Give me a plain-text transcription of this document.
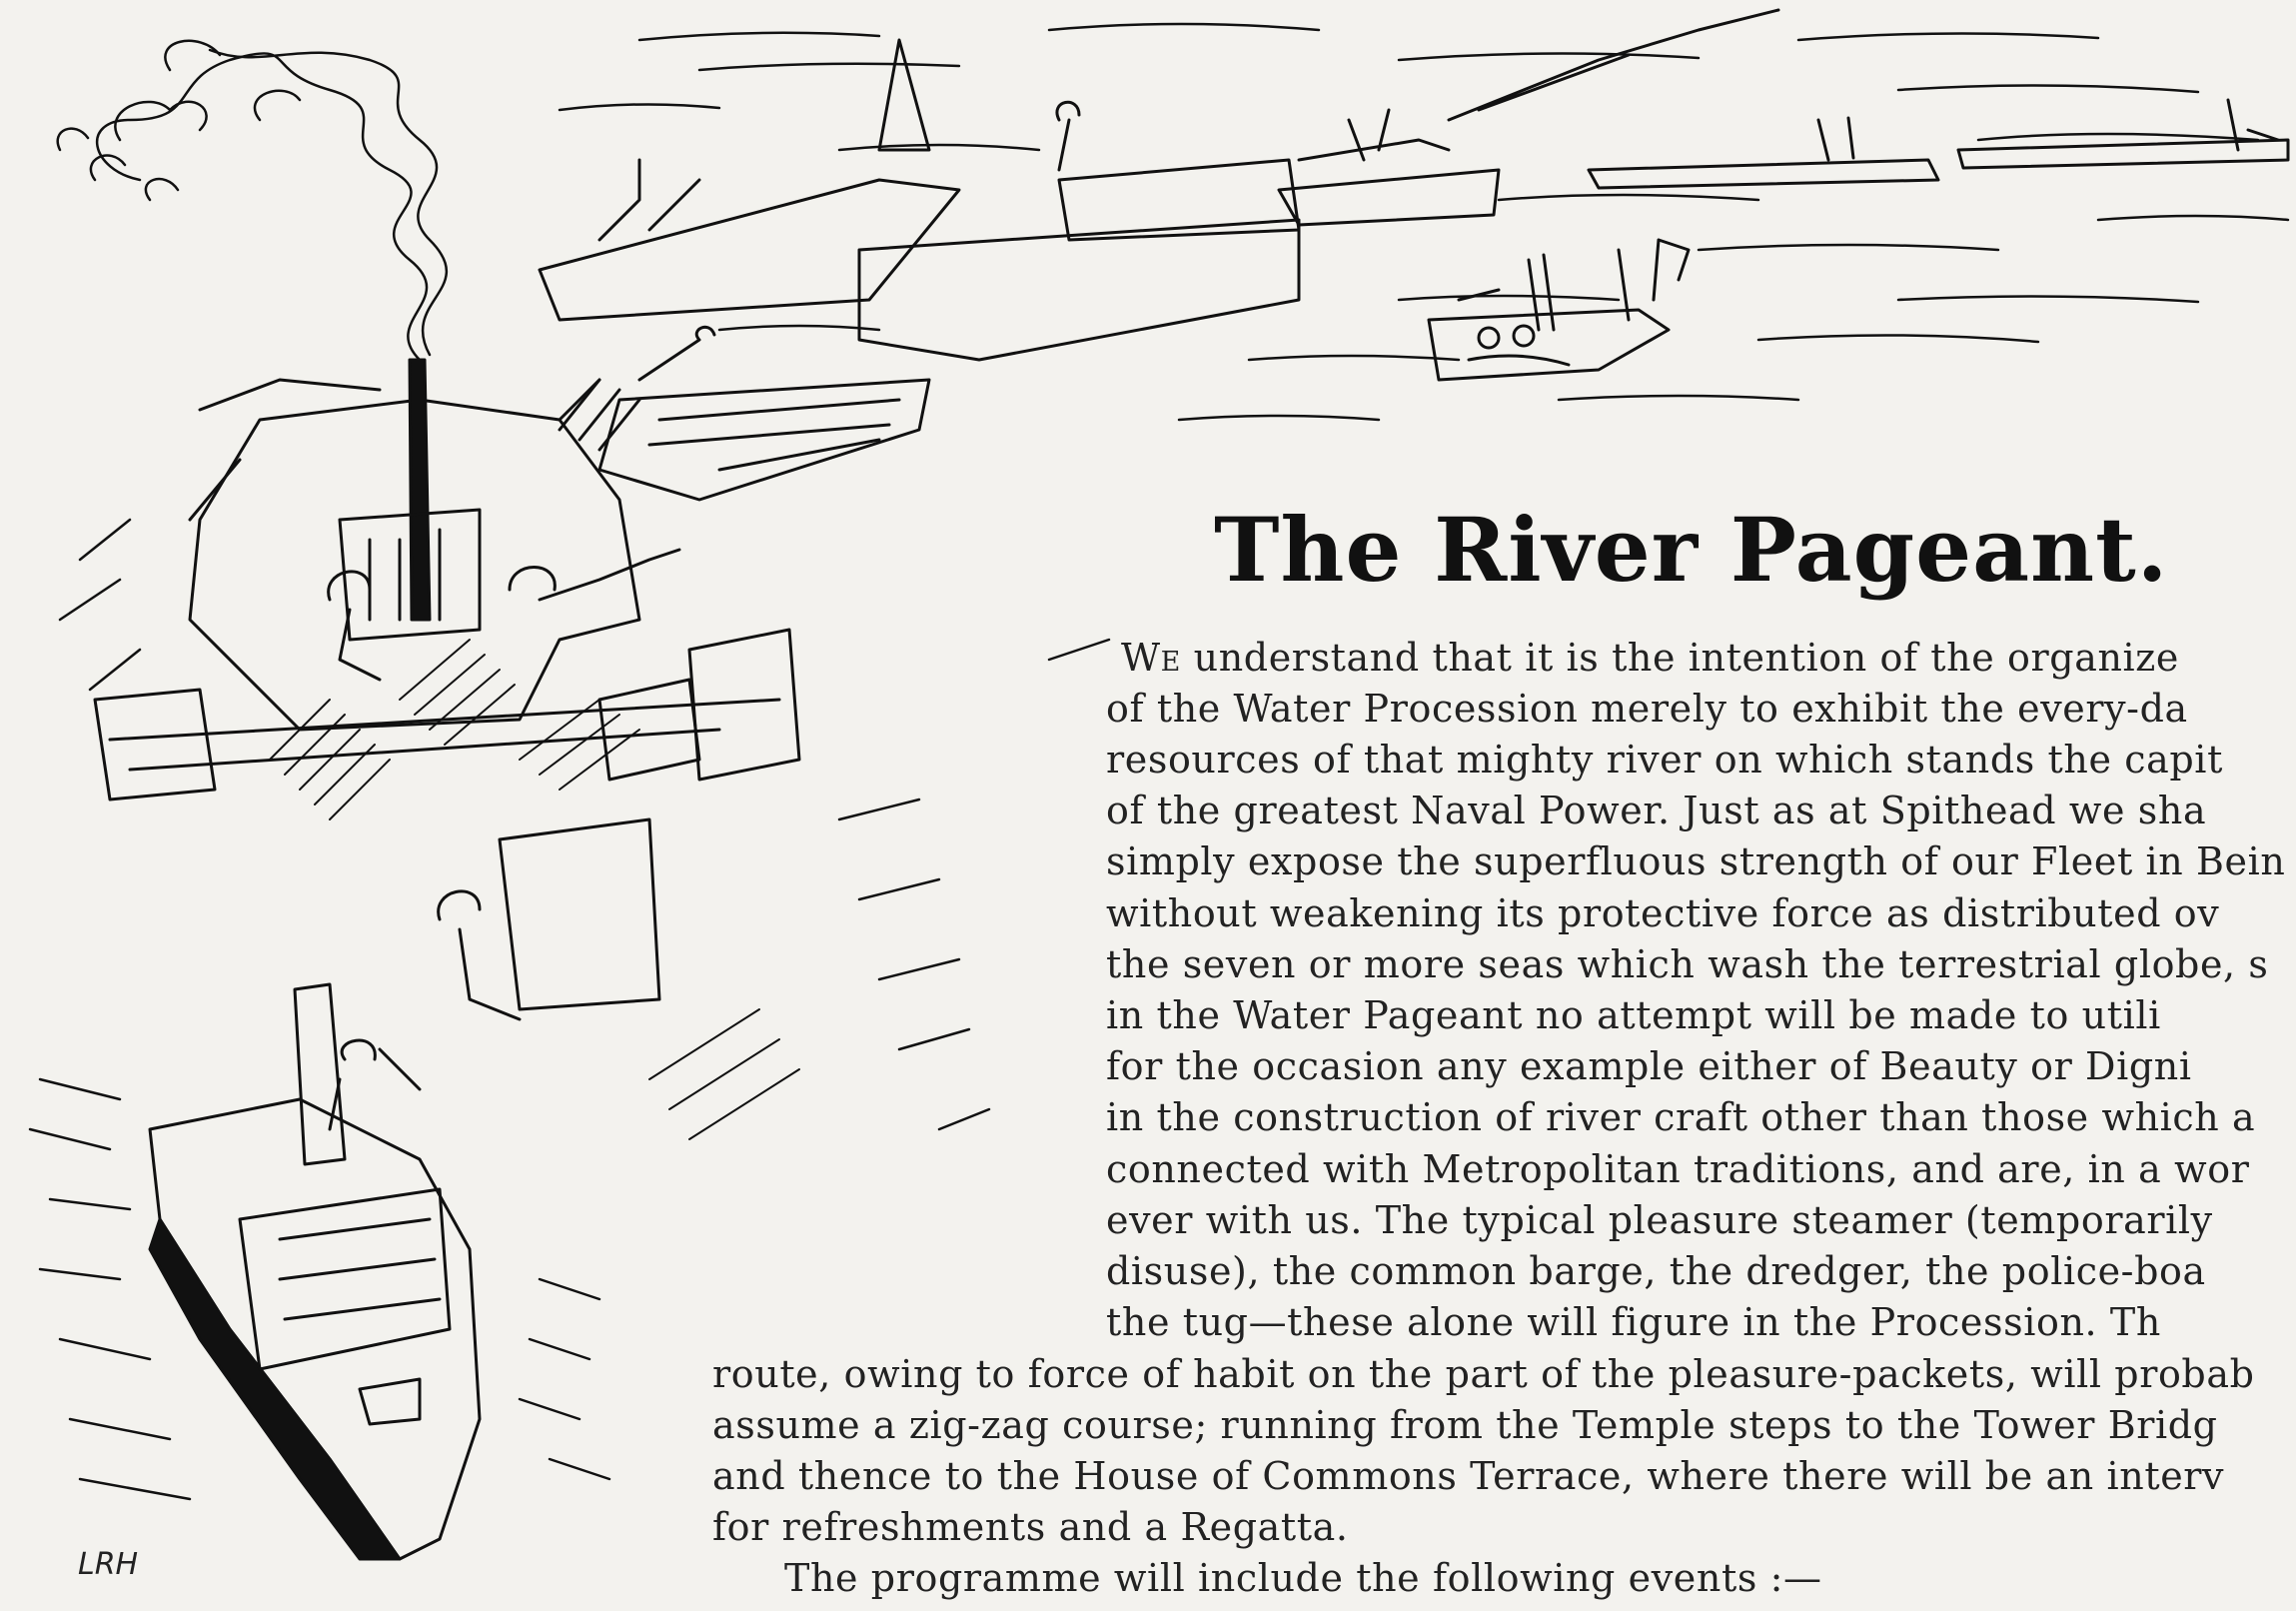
The River Pageant.
We understand that it is the intention of the organize
of the Water Procession merely to exhibit the every-da
resources of that mighty river on which stands the capit
of the greatest Naval Power. Just as at Spithead we sha
simply expose the superfluous strength of our Fleet in Bein
without weakening its protective force as distributed ov
the seven or more seas which wash the terrestrial globe, s
in the Water Pageant no attempt will be made to utili
for the occasion any example either of Beauty or Digni
in the construction of river craft other than those which a
connected with Metropolitan traditions, and are, in a wor
ever with us. The typical pleasure steamer (temporarily
disuse), the common barge, the dredger, the police-boa
the tug—these alone will figure in the Procession. Th
route, owing to force of habit on the part of the pleasure-packets, will probab
assume a zig-zag course; running from the Temple steps to the Tower Bridg
and thence to the House of Commons Terrace, where there will be an interv
for refreshments and a Regatta.
The programme will include the following events :—
LRH
